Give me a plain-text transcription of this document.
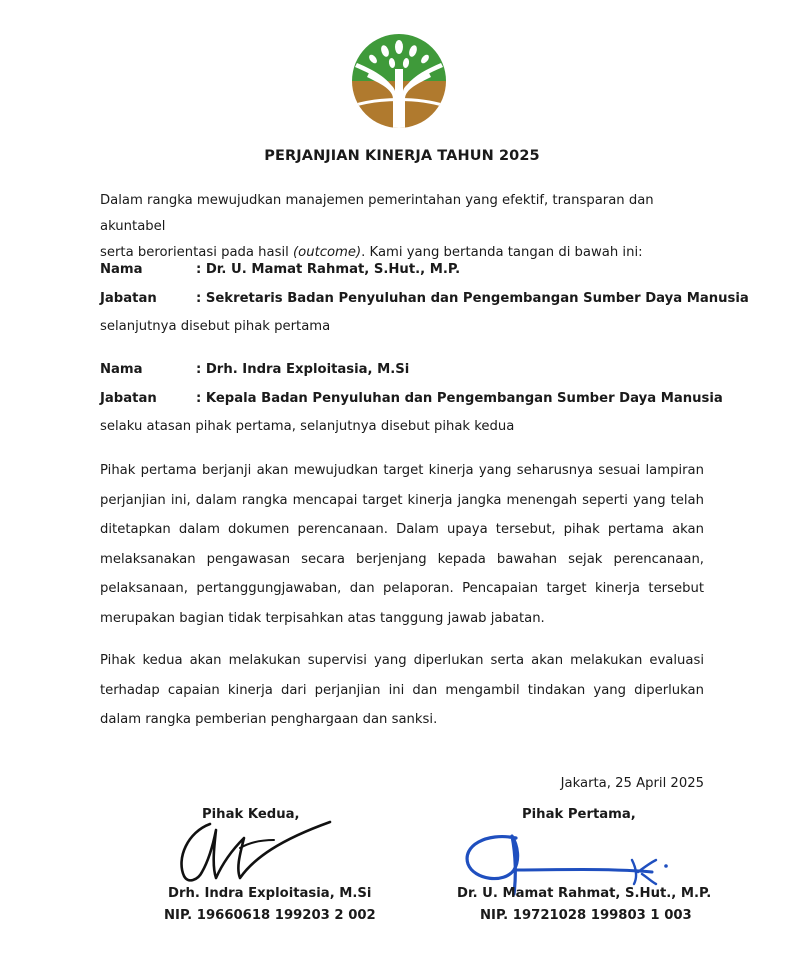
PERJANJIAN KINERJA TAHUN 2025
Dalam rangka mewujudkan manajemen pemerintahan yang efektif, transparan dan akuntabel
serta berorientasi pada hasil (outcome). Kami yang bertanda tangan di bawah ini:
Nama	: Dr. U. Mamat Rahmat, S.Hut., M.P.
Jabatan	: Sekretaris Badan Penyuluhan dan Pengembangan Sumber Daya Manusia
selanjutnya disebut pihak pertama
Nama	: Drh. Indra Exploitasia, M.Si
Jabatan	: Kepala Badan Penyuluhan dan Pengembangan Sumber Daya Manusia
selaku atasan pihak pertama, selanjutnya disebut pihak kedua
Pihak pertama berjanji akan mewujudkan target kinerja yang seharusnya sesuai lampiran perjanjian ini, dalam rangka mencapai target kinerja jangka menengah seperti yang telah ditetapkan dalam dokumen perencanaan. Dalam upaya tersebut, pihak pertama akan melaksanakan pengawasan secara berjenjang kepada bawahan sejak perencanaan, pelaksanaan, pertanggungjawaban, dan pelaporan. Pencapaian target kinerja tersebut merupakan bagian tidak terpisahkan atas tanggung jawab jabatan.
Pihak kedua akan melakukan supervisi yang diperlukan serta akan melakukan evaluasi terhadap capaian kinerja dari perjanjian ini dan mengambil tindakan yang diperlukan dalam rangka pemberian penghargaan dan sanksi.
Jakarta, 25 April 2025
Pihak Kedua,	Pihak Pertama,
Drh. Indra Exploitasia, M.Si
NIP. 19660618 199203 2 002
Dr. U. Mamat Rahmat, S.Hut., M.P.
NIP. 19721028 199803 1 003
